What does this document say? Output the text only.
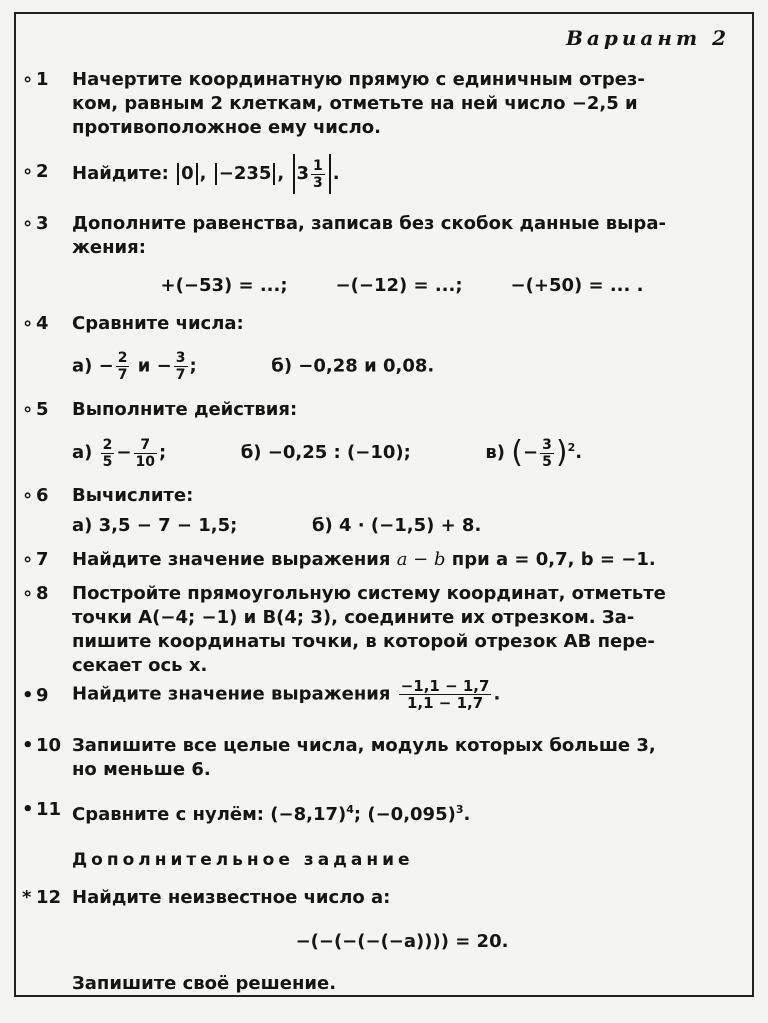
Вариант 2
∘ 1	Начертите координатную прямую с единичным отрез-
ком, равным 2 клеткам, отметьте на ней число −2,5 и
противоположное ему число.
∘ 2	Найдите: 0 , −235 , $3 \frac{1}{3}$ .
∘ 3	Дополните равенства, записав без скобок данные выра-
жения:
+(−53) = ...;	−(−12) = ...;	−(+50) = ... .
∘ 4	Сравните числа:
$а) - \frac{2}{7}$ $и - \frac{3}{7}$ ;	б) −0,28 и 0,08.
∘ 5	Выполните действия:
$а) \frac{2}{5} - \frac{7}{10}$ ;	б) −0,25 : (−10);	в) (− $\frac{3}{5} )^2$.
∘ 6	Вычислите:
а) 3,5 − 7 − 1,5;	б) 4 · (−1,5) + 8.
∘ 7	Найдите значение выражения a − b при a = 0,7, b = −1.
∘ 8	Постройте прямоугольную систему координат, отметьте
точки A(−4; −1) и B(4; 3), соедините их отрезком. За-
пишите координаты точки, в которой отрезок AB пере-
секает ось x.
• 9	Найдите значение выражения $\frac{-1,1 - 1,7}{1,1 - 1,7}$ .
• 10 Запишите все целые числа, модуль которых больше 3,
но меньше 6.
• 11 Сравните с нулём: $(-8,17)^4$; $(-0,095)^3$.
Дополнительное задание
* 12 Найдите неизвестное число a:
−(−(−(−(−a)))) = 20.
Запишите своё решение.
